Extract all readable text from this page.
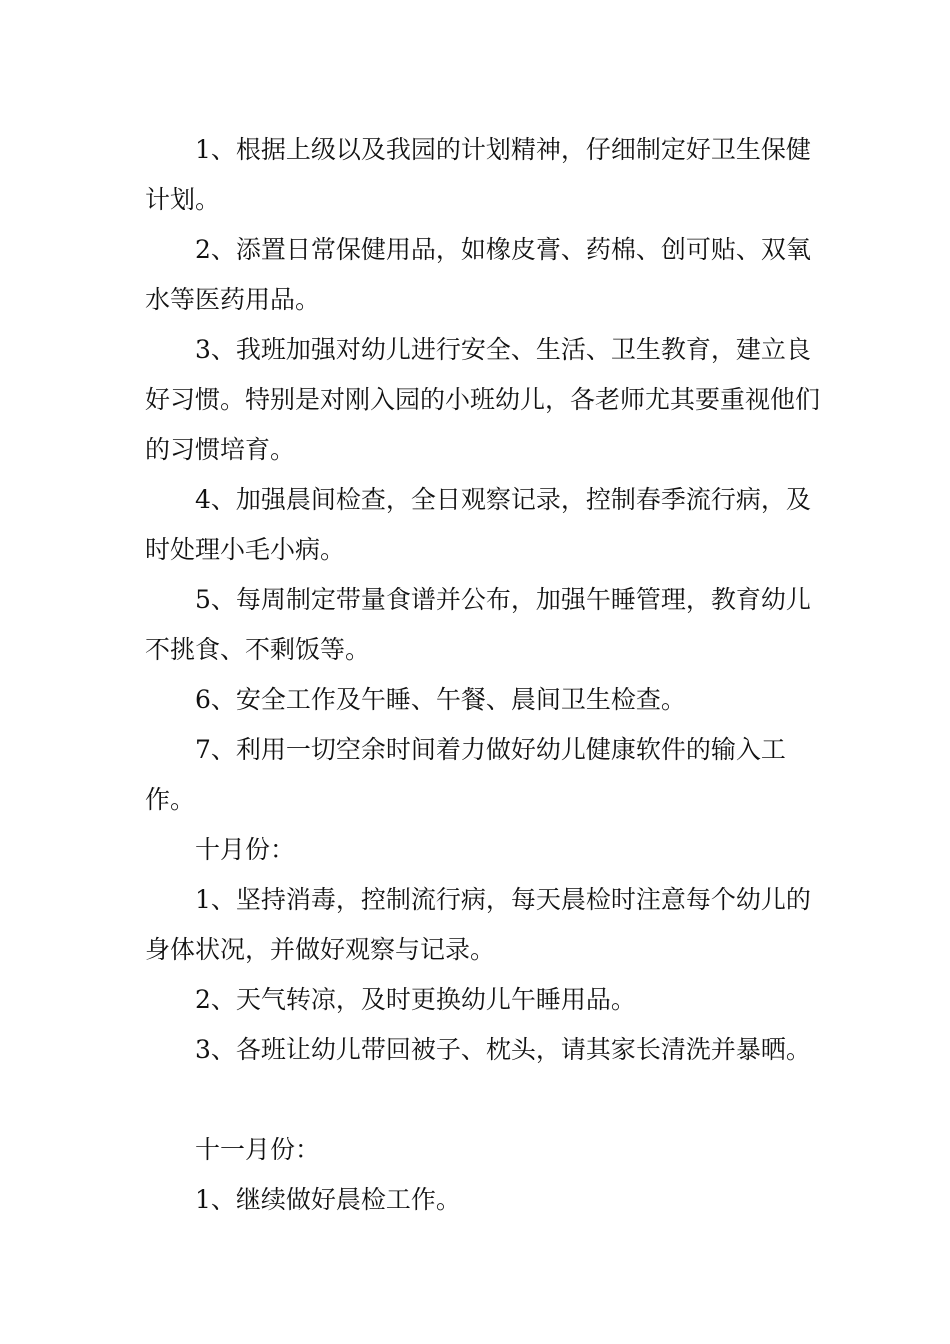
1、根据上级以及我园的计划精神，仔细制定好卫生保健计划。

2、添置日常保健用品，如橡皮膏、药棉、创可贴、双氧水等医药用品。

3、我班加强对幼儿进行安全、生活、卫生教育，建立良好习惯。特别是对刚入园的小班幼儿，各老师尤其要重视他们的习惯培育。

4、加强晨间检查，全日观察记录，控制春季流行病，及时处理小毛小病。

5、每周制定带量食谱并公布，加强午睡管理，教育幼儿不挑食、不剩饭等。

6、安全工作及午睡、午餐、晨间卫生检查。

7、利用一切空余时间着力做好幼儿健康软件的输入工作。

十月份：

1、坚持消毒，控制流行病，每天晨检时注意每个幼儿的身体状况，并做好观察与记录。

2、天气转凉，及时更换幼儿午睡用品。

3、各班让幼儿带回被子、枕头，请其家长清洗并暴晒。

十一月份：

1、继续做好晨检工作。
